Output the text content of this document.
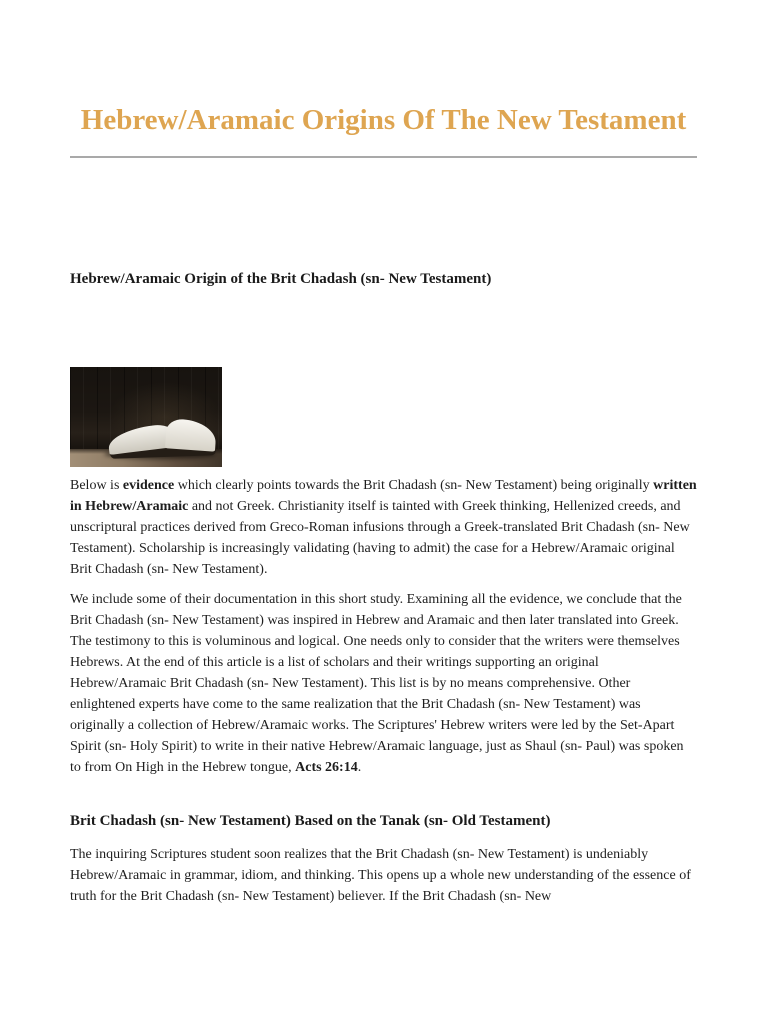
Hebrew/Aramaic Origins Of The New Testament
Hebrew/Aramaic Origin of the Brit Chadash (sn- New Testament)

Below is evidence which clearly points towards the Brit Chadash (sn- New Testament) being originally written in Hebrew/Aramaic and not Greek. Christianity itself is tainted with Greek thinking, Hellenized creeds, and unscriptural practices derived from Greco-Roman infusions through a Greek-translated Brit Chadash (sn- New Testament). Scholarship is increasingly validating (having to admit) the case for a Hebrew/Aramaic original Brit Chadash (sn- New Testament).

We include some of their documentation in this short study. Examining all the evidence, we conclude that the Brit Chadash (sn- New Testament) was inspired in Hebrew and Aramaic and then later translated into Greek. The testimony to this is voluminous and logical. One needs only to consider that the writers were themselves Hebrews. At the end of this article is a list of scholars and their writings supporting an original Hebrew/Aramaic Brit Chadash (sn- New Testament). This list is by no means comprehensive. Other enlightened experts have come to the same realization that the Brit Chadash (sn- New Testament) was originally a collection of Hebrew/Aramaic works. The Scriptures' Hebrew writers were led by the Set-Apart Spirit (sn- Holy Spirit) to write in their native Hebrew/Aramaic language, just as Shaul (sn- Paul) was spoken to from On High in the Hebrew tongue, Acts 26:14.

Brit Chadash (sn- New Testament) Based on the Tanak (sn- Old Testament)

The inquiring Scriptures student soon realizes that the Brit Chadash (sn- New Testament) is undeniably Hebrew/Aramaic in grammar, idiom, and thinking. This opens up a whole new understanding of the essence of truth for the Brit Chadash (sn- New Testament) believer. If the Brit Chadash (sn- New
